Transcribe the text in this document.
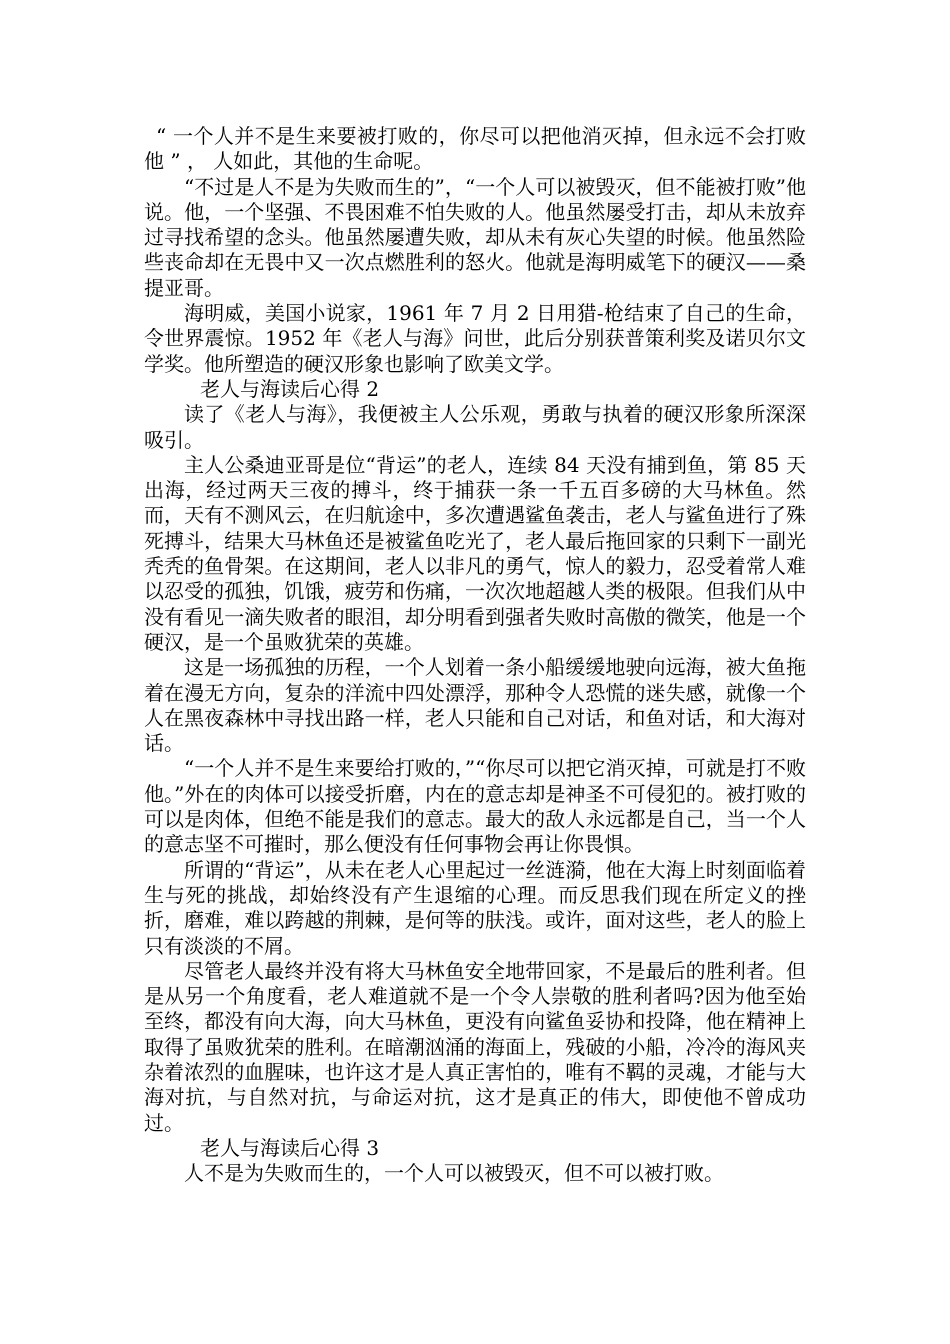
“ 一个人并不是生来要被打败的，你尽可以把他消灭掉，但永远不会打败他 ” ， 人如此，其他的生命呢。

“不过是人不是为失败而生的”，“一个人可以被毁灭，但不能被打败”他说。他，一个坚强、不畏困难不怕失败的人。他虽然屡受打击，却从未放弃过寻找希望的念头。他虽然屡遭失败，却从未有灰心失望的时候。他虽然险些丧命却在无畏中又一次点燃胜利的怒火。他就是海明威笔下的硬汉——桑提亚哥。

海明威，美国小说家，1961 年 7 月 2 日用猎-枪结束了自己的生命，令世界震惊。1952 年《老人与海》问世，此后分别获普策利奖及诺贝尔文学奖。他所塑造的硬汉形象也影响了欧美文学。

老人与海读后心得 2

读了《老人与海》，我便被主人公乐观，勇敢与执着的硬汉形象所深深吸引。

主人公桑迪亚哥是位“背运”的老人，连续 84 天没有捕到鱼，第 85 天出海，经过两天三夜的搏斗，终于捕获一条一千五百多磅的大马林鱼。然而，天有不测风云，在归航途中，多次遭遇鲨鱼袭击，老人与鲨鱼进行了殊死搏斗，结果大马林鱼还是被鲨鱼吃光了，老人最后拖回家的只剩下一副光秃秃的鱼骨架。在这期间，老人以非凡的勇气，惊人的毅力，忍受着常人难以忍受的孤独，饥饿，疲劳和伤痛，一次次地超越人类的极限。但我们从中没有看见一滴失败者的眼泪，却分明看到强者失败时高傲的微笑，他是一个硬汉，是一个虽败犹荣的英雄。

这是一场孤独的历程，一个人划着一条小船缓缓地驶向远海，被大鱼拖着在漫无方向，复杂的洋流中四处漂浮，那种令人恐慌的迷失感，就像一个人在黑夜森林中寻找出路一样，老人只能和自己对话，和鱼对话，和大海对话。

“一个人并不是生来要给打败的，”“你尽可以把它消灭掉，可就是打不败他。”外在的肉体可以接受折磨，内在的意志却是神圣不可侵犯的。被打败的可以是肉体，但绝不能是我们的意志。最大的敌人永远都是自己，当一个人的意志坚不可摧时，那么便没有任何事物会再让你畏惧。

所谓的“背运”，从未在老人心里起过一丝涟漪，他在大海上时刻面临着生与死的挑战，却始终没有产生退缩的心理。而反思我们现在所定义的挫折，磨难，难以跨越的荆棘，是何等的肤浅。或许，面对这些，老人的脸上只有淡淡的不屑。

尽管老人最终并没有将大马林鱼安全地带回家，不是最后的胜利者。但是从另一个角度看，老人难道就不是一个令人崇敬的胜利者吗?因为他至始至终，都没有向大海，向大马林鱼，更没有向鲨鱼妥协和投降，他在精神上取得了虽败犹荣的胜利。在暗潮汹涌的海面上，残破的小船，冷冷的海风夹杂着浓烈的血腥味，也许这才是人真正害怕的，唯有不羁的灵魂，才能与大海对抗，与自然对抗，与命运对抗，这才是真正的伟大，即使他不曾成功过。

老人与海读后心得 3

人不是为失败而生的，一个人可以被毁灭，但不可以被打败。
